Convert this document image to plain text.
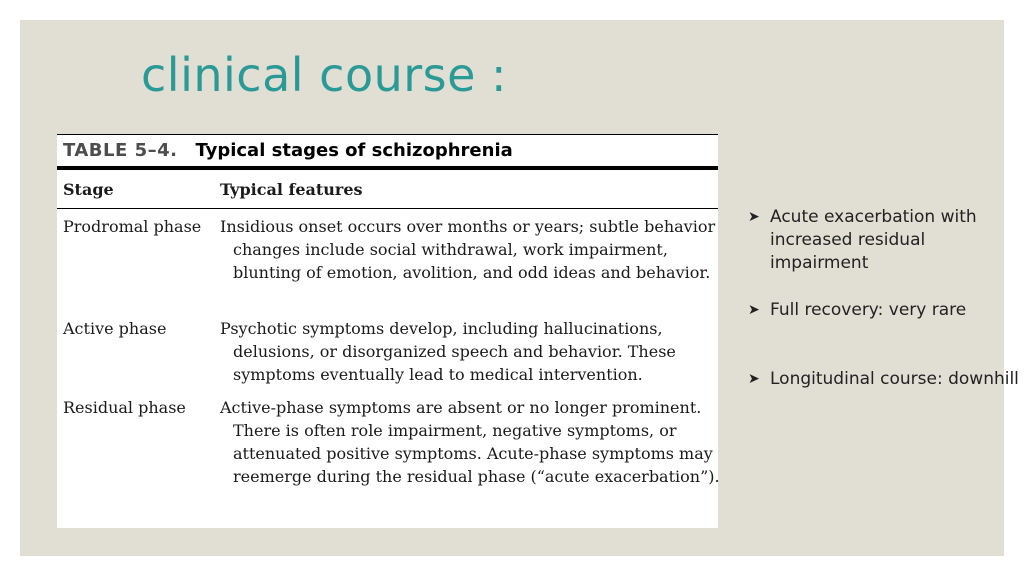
clinical course :
TABLE 5–4. Typical stages of schizophrenia
Stage	Typical features
Prodromal phase Insidious onset occurs over months or years; subtle behavior changes include social withdrawal, work impairment, blunting of emotion, avolition, and odd ideas and behavior.
Active phase	Psychotic symptoms develop, including hallucinations, delusions, or disorganized speech and behavior. These symptoms eventually lead to medical intervention.
Residual phase Active-phase symptoms are absent or no longer prominent. There is often role impairment, negative symptoms, or attenuated positive symptoms. Acute-phase symptoms may reemerge during the residual phase (“acute exacerbation”).
➤ Acute exacerbation with increased residual impairment
➤ Full recovery: very rare
➤ Longitudinal course: downhill
